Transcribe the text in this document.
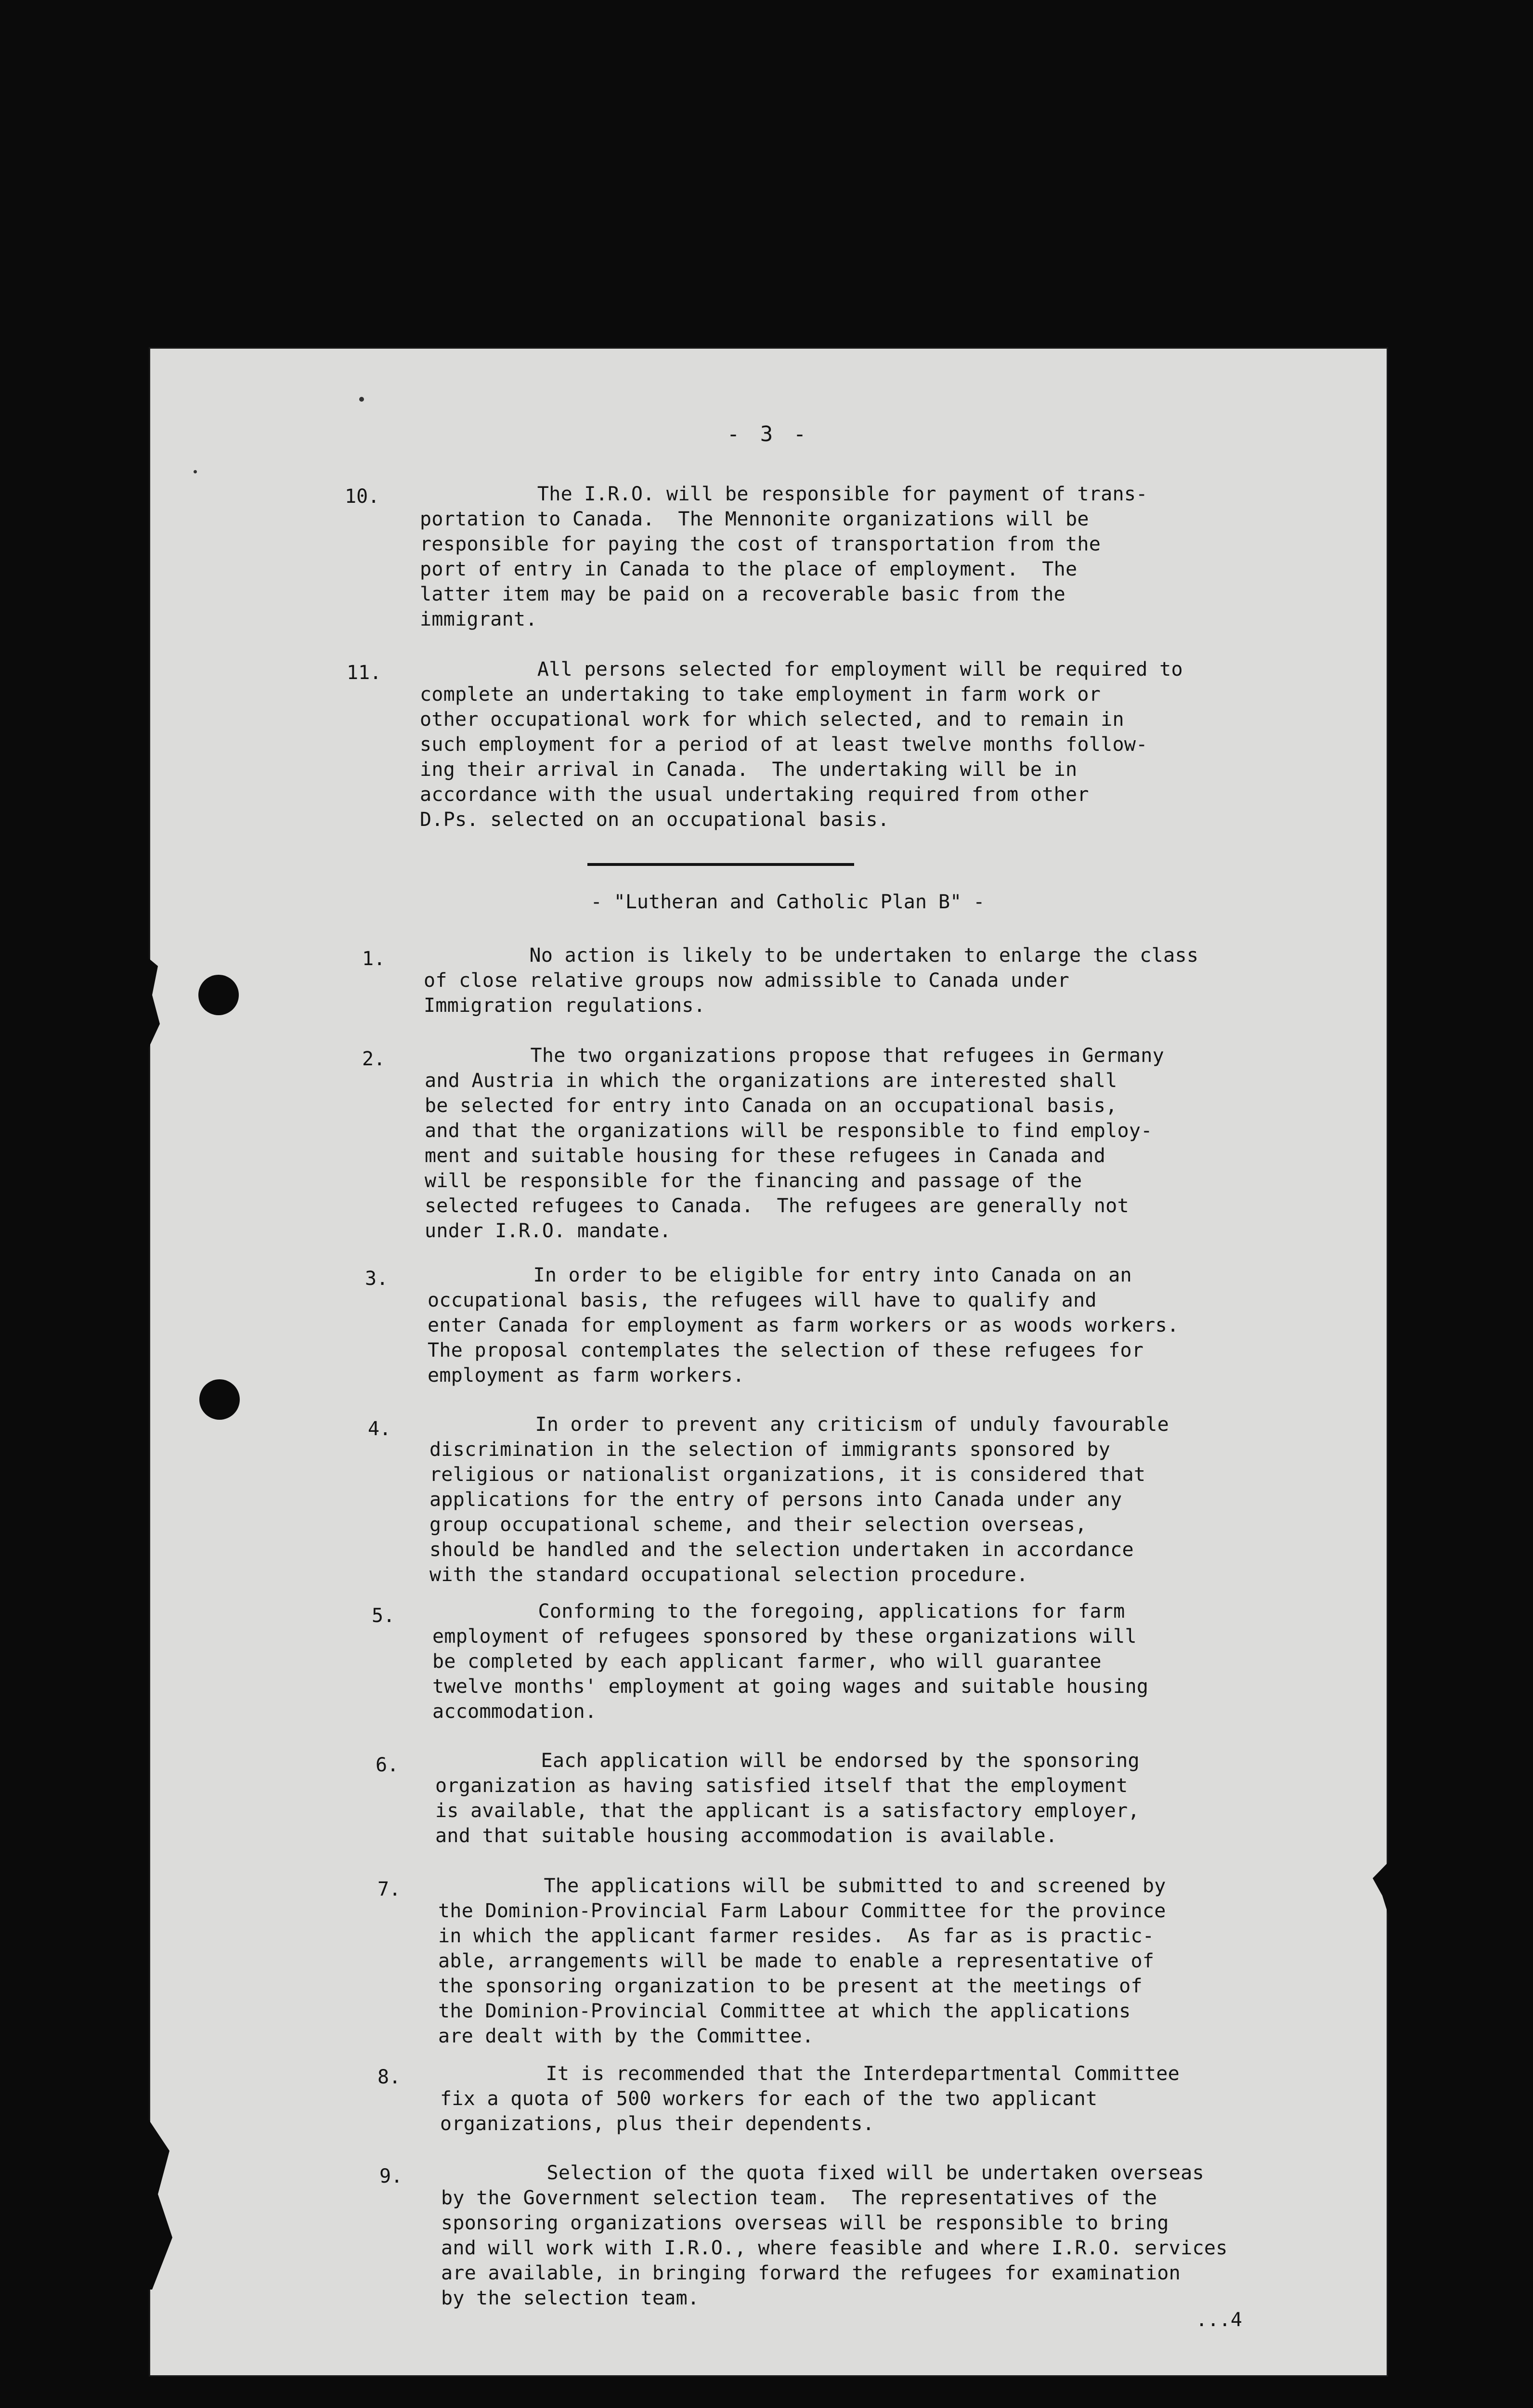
- 3 -
10. The I.R.O. will be responsible for payment of trans-
portation to Canada.  The Mennonite organizations will be
responsible for paying the cost of transportation from the
port of entry in Canada to the place of employment.  The
latter item may be paid on a recoverable basic from the
immigrant.
11. All persons selected for employment will be required to
complete an undertaking to take employment in farm work or
other occupational work for which selected, and to remain in
such employment for a period of at least twelve months follow-
ing their arrival in Canada.  The undertaking will be in
accordance with the usual undertaking required from other
D.Ps. selected on an occupational basis.
- "Lutheran and Catholic Plan B" -
1. No action is likely to be undertaken to enlarge the class
of close relative groups now admissible to Canada under
Immigration regulations.
2. The two organizations propose that refugees in Germany
and Austria in which the organizations are interested shall
be selected for entry into Canada on an occupational basis,
and that the organizations will be responsible to find employ-
ment and suitable housing for these refugees in Canada and
will be responsible for the financing and passage of the
selected refugees to Canada.  The refugees are generally not
under I.R.O. mandate.
3. In order to be eligible for entry into Canada on an
occupational basis, the refugees will have to qualify and
enter Canada for employment as farm workers or as woods workers.
The proposal contemplates the selection of these refugees for
employment as farm workers.
4. In order to prevent any criticism of unduly favourable
discrimination in the selection of immigrants sponsored by
religious or nationalist organizations, it is considered that
applications for the entry of persons into Canada under any
group occupational scheme, and their selection overseas,
should be handled and the selection undertaken in accordance
with the standard occupational selection procedure.
5. Conforming to the foregoing, applications for farm
employment of refugees sponsored by these organizations will
be completed by each applicant farmer, who will guarantee
twelve months' employment at going wages and suitable housing
accommodation.
6. Each application will be endorsed by the sponsoring
organization as having satisfied itself that the employment
is available, that the applicant is a satisfactory employer,
and that suitable housing accommodation is available.
7. The applications will be submitted to and screened by
the Dominion-Provincial Farm Labour Committee for the province
in which the applicant farmer resides.  As far as is practic-
able, arrangements will be made to enable a representative of
the sponsoring organization to be present at the meetings of
the Dominion-Provincial Committee at which the applications
are dealt with by the Committee.
8. It is recommended that the Interdepartmental Committee
fix a quota of 500 workers for each of the two applicant
organizations, plus their dependents.
9. Selection of the quota fixed will be undertaken overseas
by the Government selection team.  The representatives of the
sponsoring organizations overseas will be responsible to bring
and will work with I.R.O., where feasible and where I.R.O. services
are available, in bringing forward the refugees for examination
by the selection team.
...4
